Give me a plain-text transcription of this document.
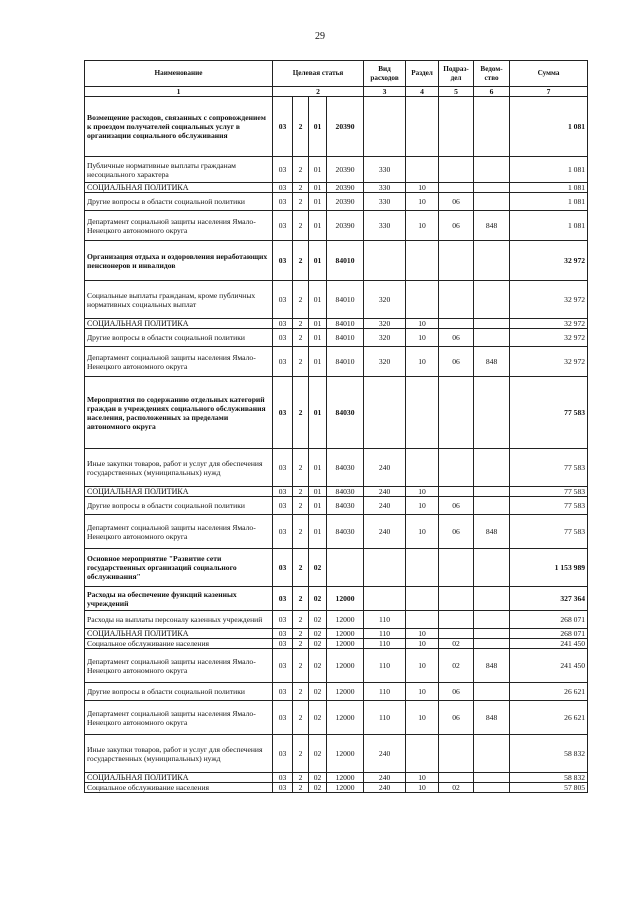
29
Наименование	Целевая статья				Вид расходов	Раздел	Подраз-дел	Ведом-ство	Сумма
1	2				3	4	5	6	7
Возмещение расходов, связанных с сопровождением к проездом получателей социальных услуг в организации социального обслуживания	03	2	01	20390					1 081
Публичные нормативные выплаты гражданам несоциального характера	03	2	01	20390	330				1 081
СОЦИАЛЬНАЯ ПОЛИТИКА	03	2	01	20390	330	10			1 081
Другие вопросы в области социальной политики	03	2	01	20390	330	10	06		1 081
Департамент социальной защиты населения Ямало-Ненецкого автономного округа	03	2	01	20390	330	10	06	848	1 081
Организация отдыха и оздоровления неработающих пенсионеров и инвалидов	03	2	01	84010					32 972
Социальные выплаты гражданам, кроме публичных нормативных социальных выплат	03	2	01	84010	320				32 972
СОЦИАЛЬНАЯ ПОЛИТИКА	03	2	01	84010	320	10			32 972
Другие вопросы в области социальной политики	03	2	01	84010	320	10	06		32 972
Департамент социальной защиты населения Ямало-Ненецкого автономного округа	03	2	01	84010	320	10	06	848	32 972
Мероприятия по содержанию отдельных категорий граждан в учреждениях социального обслуживания населения, расположенных за пределами автономного округа	03	2	01	84030					77 583
Иные закупки товаров, работ и услуг для обеспечения государственных (муниципальных) нужд	03	2	01	84030	240				77 583
СОЦИАЛЬНАЯ ПОЛИТИКА	03	2	01	84030	240	10			77 583
Другие вопросы в области социальной политики	03	2	01	84030	240	10	06		77 583
Департамент социальной защиты населения Ямало-Ненецкого автономного округа	03	2	01	84030	240	10	06	848	77 583
Основное мероприятие "Развитие сети государственных организаций социального обслуживания"	03	2	02						1 153 989
Расходы на обеспечение функций казенных учреждений	03	2	02	12000					327 364
Расходы на выплаты персоналу казенных учреждений	03	2	02	12000	110				268 071
СОЦИАЛЬНАЯ ПОЛИТИКА	03	2	02	12000	110	10			268 071
Социальное обслуживание населения	03	2	02	12000	110	10	02		241 450
Департамент социальной защиты населения Ямало-Ненецкого автономного округа	03	2	02	12000	110	10	02	848	241 450
Другие вопросы в области социальной политики	03	2	02	12000	110	10	06		26 621
Департамент социальной защиты населения Ямало-Ненецкого автономного округа	03	2	02	12000	110	10	06	848	26 621
Иные закупки товаров, работ и услуг для обеспечения государственных (муниципальных) нужд	03	2	02	12000	240				58 832
СОЦИАЛЬНАЯ ПОЛИТИКА	03	2	02	12000	240	10			58 832
Социальное обслуживание населения	03	2	02	12000	240	10	02		57 805
